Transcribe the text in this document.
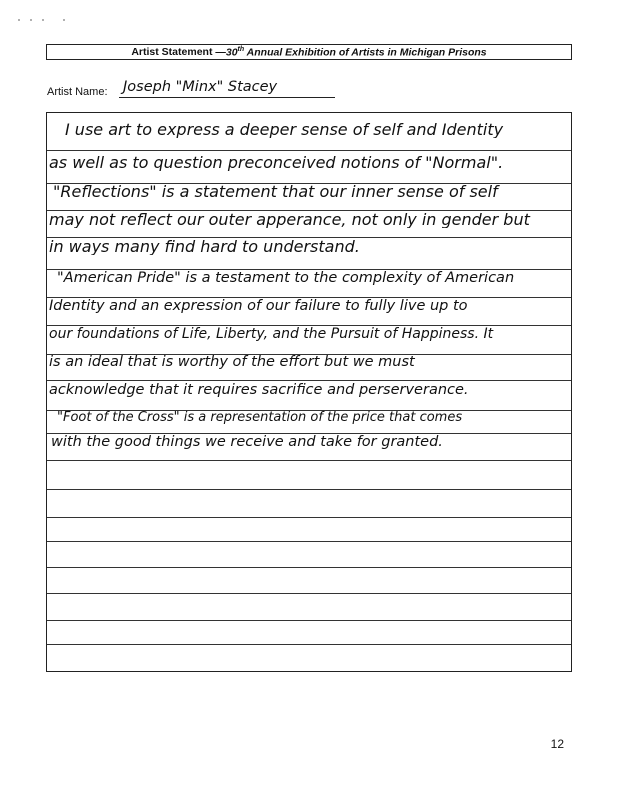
Artist Statement — 30th Annual Exhibition of Artists in Michigan Prisons
Artist Name: Joseph "Minx" Stacey
I use art to express a deeper sense of self and Identity
as well as to question preconceived notions of "Normal".
"Reflections" is a statement that our inner sense of self
may not reflect our outer apperance, not only in gender but
in ways many find hard to understand.
"American Pride" is a testament to the complexity of American
Identity and an expression of our failure to fully live up to
our foundations of Life, Liberty, and the Pursuit of Happiness. It
is an ideal that is worthy of the effort but we must
acknowledge that it requires sacrifice and perserverance.
"Foot of the Cross" is a representation of the price that comes
with the good things we receive and take for granted.
12
